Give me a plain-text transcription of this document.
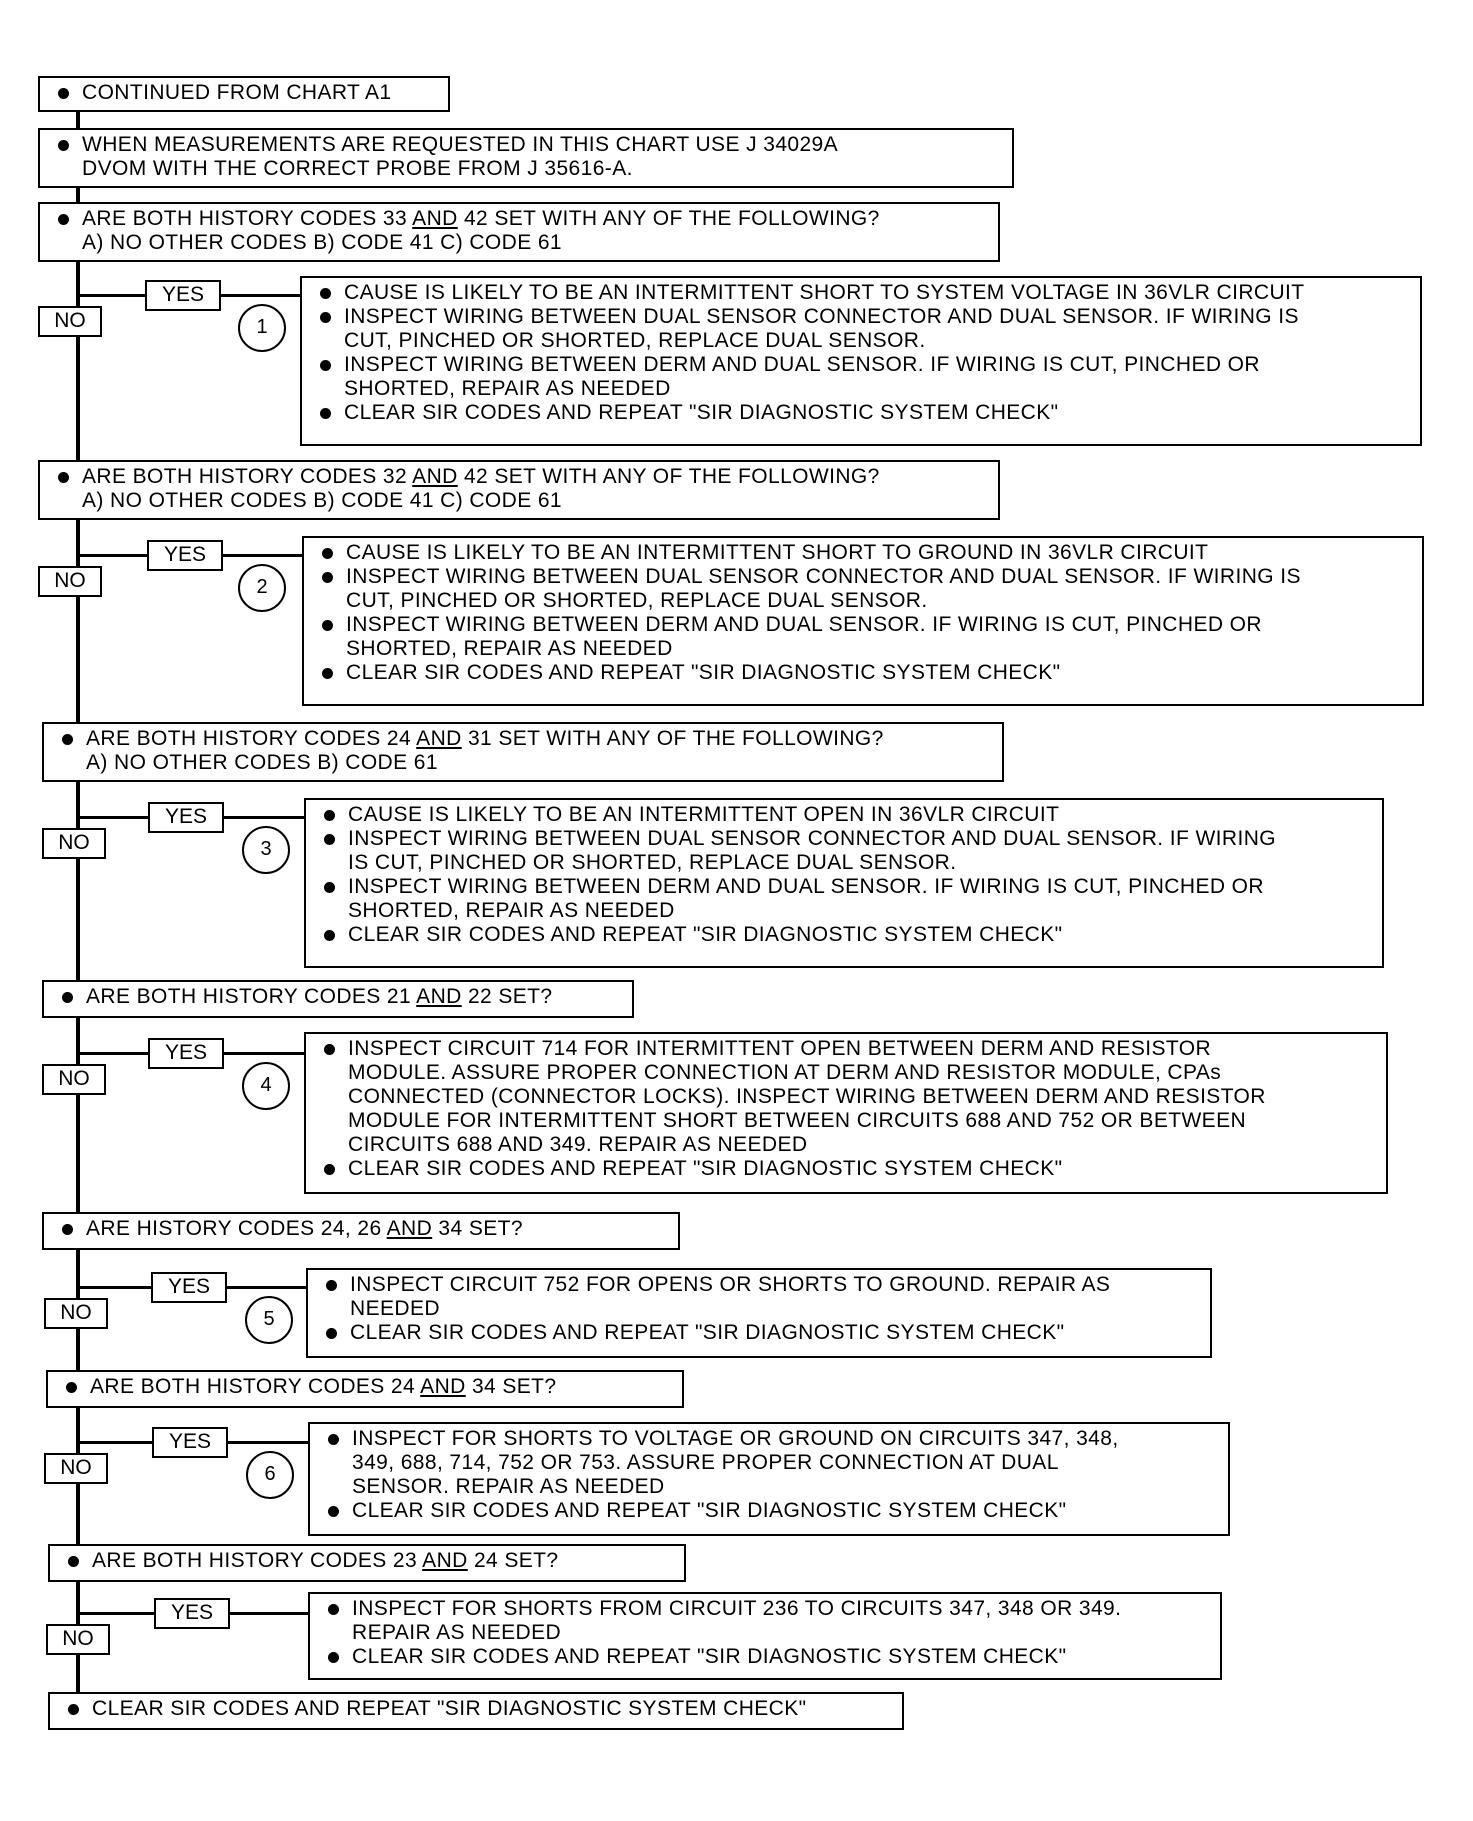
CONTINUED FROM CHART A1
WHEN MEASUREMENTS ARE REQUESTED IN THIS CHART USE J 34029A
DVOM WITH THE CORRECT PROBE FROM J 35616-A.
ARE BOTH HISTORY CODES 33 AND 42 SET WITH ANY OF THE FOLLOWING?
A) NO OTHER CODES B) CODE 41 C) CODE 61
YES
NO	1
CAUSE IS LIKELY TO BE AN INTERMITTENT SHORT TO SYSTEM VOLTAGE IN 36VLR CIRCUIT
INSPECT WIRING BETWEEN DUAL SENSOR CONNECTOR AND DUAL SENSOR. IF WIRING IS
CUT, PINCHED OR SHORTED, REPLACE DUAL SENSOR.
INSPECT WIRING BETWEEN DERM AND DUAL SENSOR. IF WIRING IS CUT, PINCHED OR
SHORTED, REPAIR AS NEEDED
CLEAR SIR CODES AND REPEAT "SIR DIAGNOSTIC SYSTEM CHECK"
ARE BOTH HISTORY CODES 32 AND 42 SET WITH ANY OF THE FOLLOWING?
A) NO OTHER CODES B) CODE 41 C) CODE 61
YES
NO	2
CAUSE IS LIKELY TO BE AN INTERMITTENT SHORT TO GROUND IN 36VLR CIRCUIT
INSPECT WIRING BETWEEN DUAL SENSOR CONNECTOR AND DUAL SENSOR. IF WIRING IS
CUT, PINCHED OR SHORTED, REPLACE DUAL SENSOR.
INSPECT WIRING BETWEEN DERM AND DUAL SENSOR. IF WIRING IS CUT, PINCHED OR
SHORTED, REPAIR AS NEEDED
CLEAR SIR CODES AND REPEAT "SIR DIAGNOSTIC SYSTEM CHECK"
ARE BOTH HISTORY CODES 24 AND 31 SET WITH ANY OF THE FOLLOWING?
A) NO OTHER CODES B) CODE 61
YES
NO	3
CAUSE IS LIKELY TO BE AN INTERMITTENT OPEN IN 36VLR CIRCUIT
INSPECT WIRING BETWEEN DUAL SENSOR CONNECTOR AND DUAL SENSOR. IF WIRING
IS CUT, PINCHED OR SHORTED, REPLACE DUAL SENSOR.
INSPECT WIRING BETWEEN DERM AND DUAL SENSOR. IF WIRING IS CUT, PINCHED OR
SHORTED, REPAIR AS NEEDED
CLEAR SIR CODES AND REPEAT "SIR DIAGNOSTIC SYSTEM CHECK"
ARE BOTH HISTORY CODES 21 AND 22 SET?
YES
NO	4
INSPECT CIRCUIT 714 FOR INTERMITTENT OPEN BETWEEN DERM AND RESISTOR
MODULE. ASSURE PROPER CONNECTION AT DERM AND RESISTOR MODULE, CPAs
CONNECTED (CONNECTOR LOCKS). INSPECT WIRING BETWEEN DERM AND RESISTOR
MODULE FOR INTERMITTENT SHORT BETWEEN CIRCUITS 688 AND 752 OR BETWEEN
CIRCUITS 688 AND 349. REPAIR AS NEEDED
CLEAR SIR CODES AND REPEAT "SIR DIAGNOSTIC SYSTEM CHECK"
ARE HISTORY CODES 24, 26 AND 34 SET?
YES
NO	5
INSPECT CIRCUIT 752 FOR OPENS OR SHORTS TO GROUND. REPAIR AS
NEEDED
CLEAR SIR CODES AND REPEAT "SIR DIAGNOSTIC SYSTEM CHECK"
ARE BOTH HISTORY CODES 24 AND 34 SET?
YES
NO	6
INSPECT FOR SHORTS TO VOLTAGE OR GROUND ON CIRCUITS 347, 348,
349, 688, 714, 752 OR 753. ASSURE PROPER CONNECTION AT DUAL
SENSOR. REPAIR AS NEEDED
CLEAR SIR CODES AND REPEAT "SIR DIAGNOSTIC SYSTEM CHECK"
ARE BOTH HISTORY CODES 23 AND 24 SET?
YES
NO
INSPECT FOR SHORTS FROM CIRCUIT 236 TO CIRCUITS 347, 348 OR 349.
REPAIR AS NEEDED
CLEAR SIR CODES AND REPEAT "SIR DIAGNOSTIC SYSTEM CHECK"
CLEAR SIR CODES AND REPEAT "SIR DIAGNOSTIC SYSTEM CHECK"
